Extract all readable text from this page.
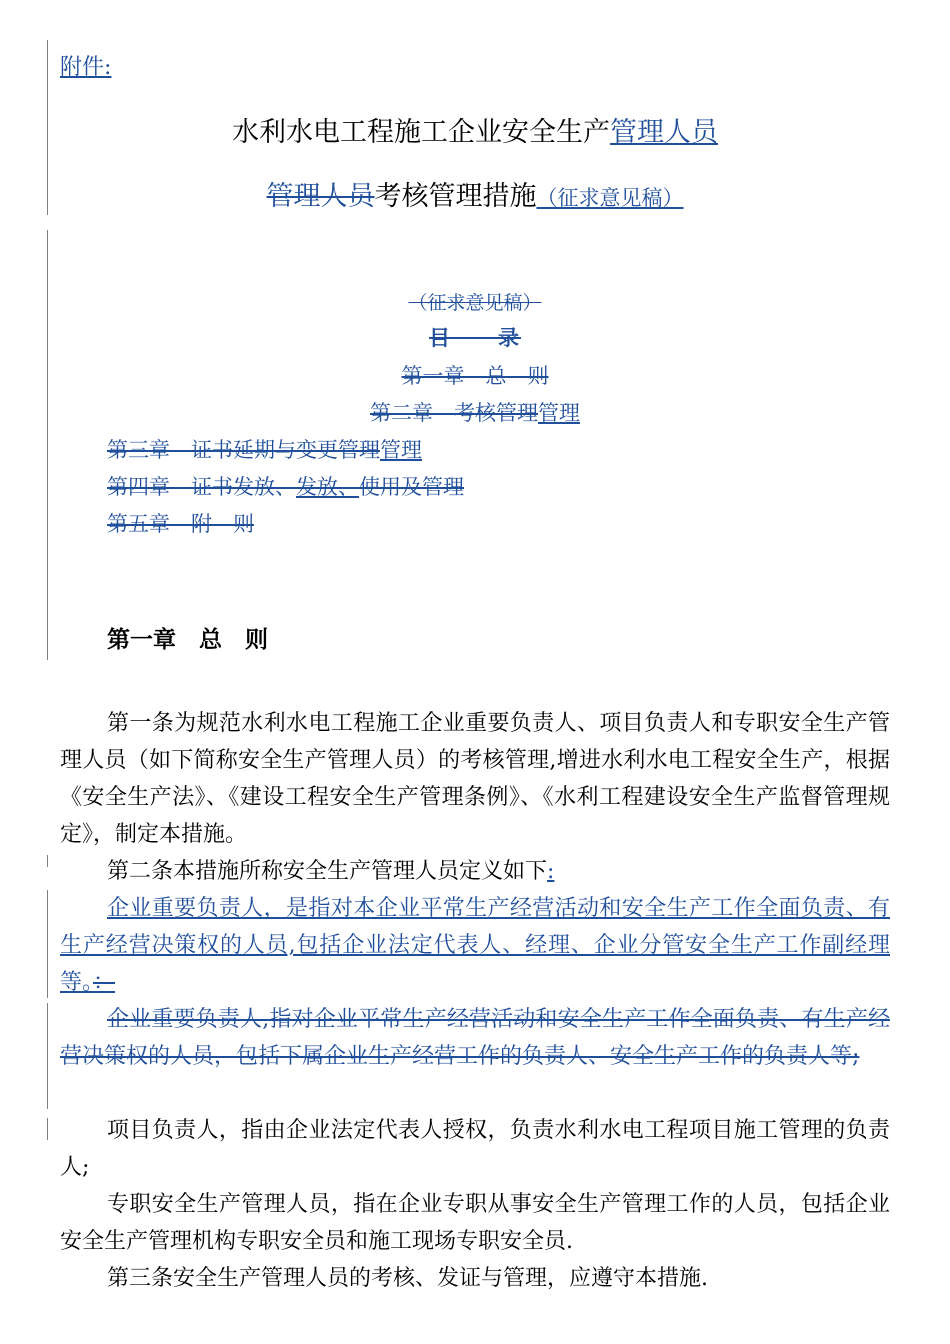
附件:
水利水电工程施工企业安全生产管理人员
管理人员考核管理措施（征求意见稿）
（征求意见稿）
目　　录
第一章　总　则
第二章　考核管理管理
第三章　证书延期与变更管理管理
第四章　证书发放、发放、使用及管理
第五章　附　则
第一章　总　则
第一条为规范水利水电工程施工企业重要负责人、项目负责人和专职安全生产管理人员（如下简称安全生产管理人员）的考核管理,增进水利水电工程安全生产，根据《安全生产法》、《建设工程安全生产管理条例》、《水利工程建设安全生产监督管理规定》，制定本措施。
第二条本措施所称安全生产管理人员定义如下:
企业重要负责人，是指对本企业平常生产经营活动和安全生产工作全面负责、有生产经营决策权的人员,包括企业法定代表人、经理、企业分管安全生产工作副经理等。：
企业重要负责人,指对企业平常生产经营活动和安全生产工作全面负责、有生产经营决策权的人员，包括下属企业生产经营工作的负责人、安全生产工作的负责人等;
项目负责人，指由企业法定代表人授权，负责水利水电工程项目施工管理的负责人;
专职安全生产管理人员，指在企业专职从事安全生产管理工作的人员，包括企业安全生产管理机构专职安全员和施工现场专职安全员.
第三条安全生产管理人员的考核、发证与管理，应遵守本措施.
